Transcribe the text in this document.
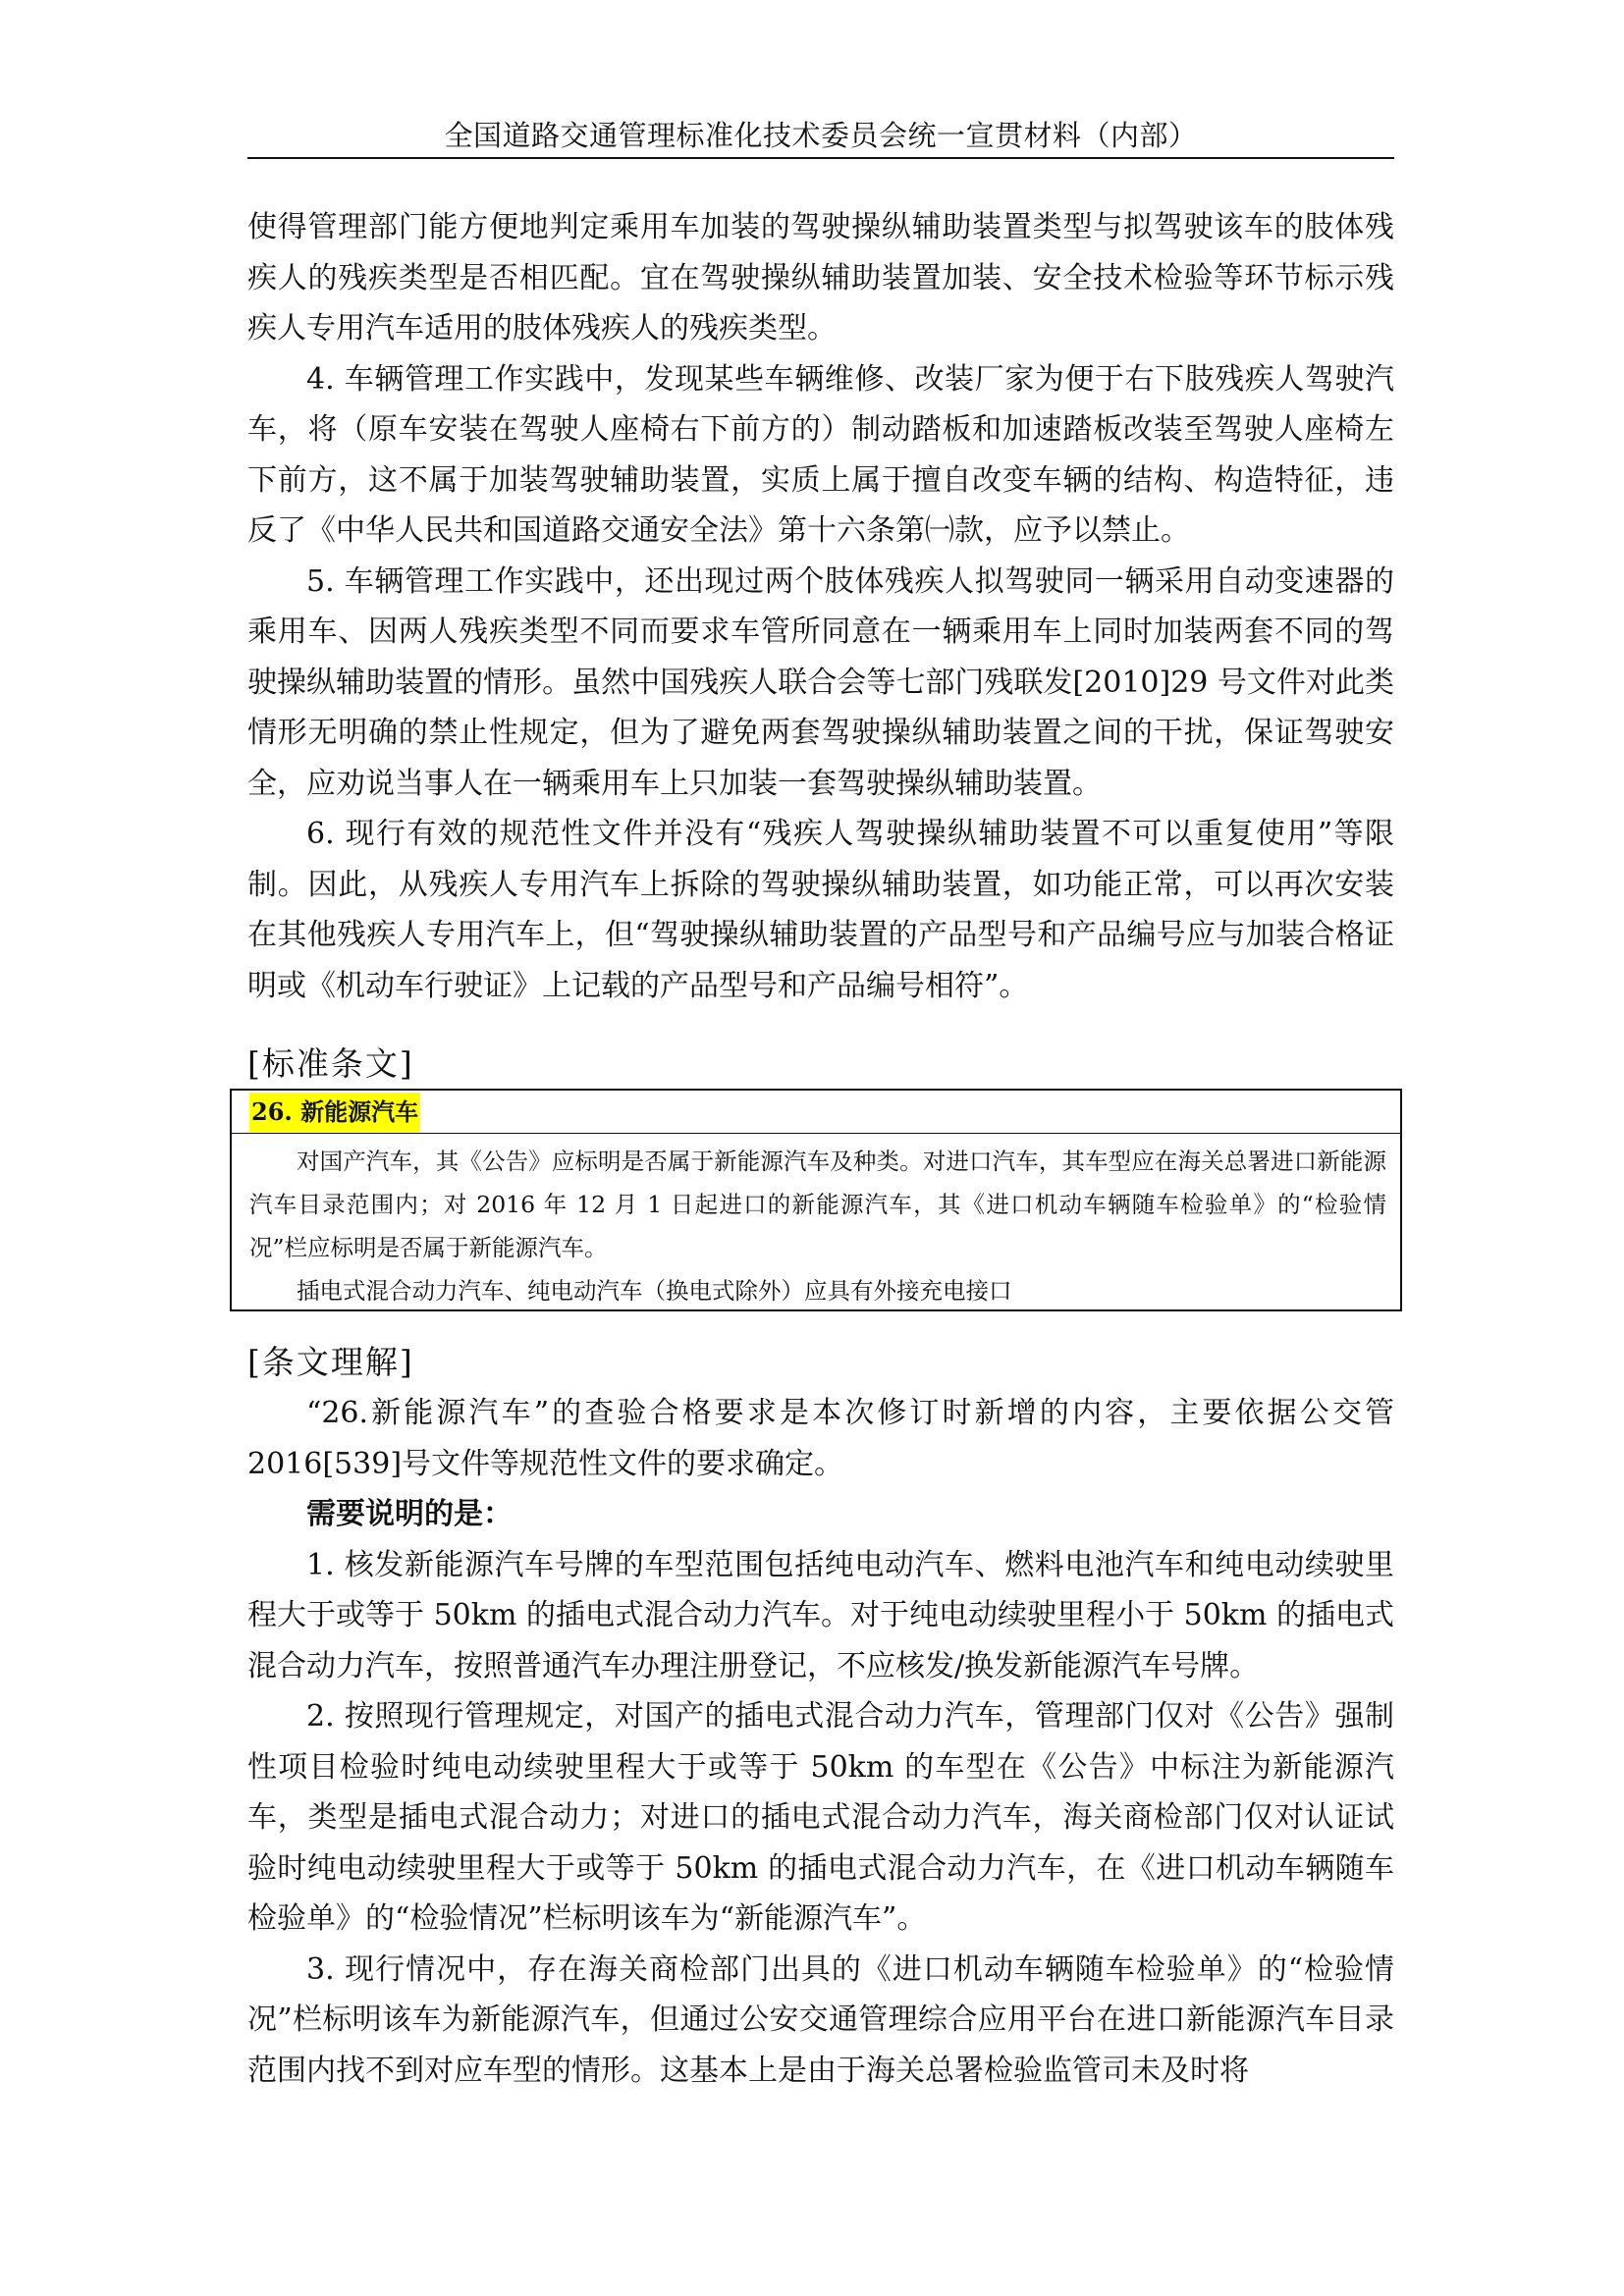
全国道路交通管理标准化技术委员会统一宣贯材料（内部）

使得管理部门能方便地判定乘用车加装的驾驶操纵辅助装置类型与拟驾驶该车的肢体残疾人的残疾类型是否相匹配。宜在驾驶操纵辅助装置加装、安全技术检验等环节标示残疾人专用汽车适用的肢体残疾人的残疾类型。

4. 车辆管理工作实践中，发现某些车辆维修、改装厂家为便于右下肢残疾人驾驶汽车，将（原车安装在驾驶人座椅右下前方的）制动踏板和加速踏板改装至驾驶人座椅左下前方，这不属于加装驾驶辅助装置，实质上属于擅自改变车辆的结构、构造特征，违反了《中华人民共和国道路交通安全法》第十六条第㈠款，应予以禁止。

5. 车辆管理工作实践中，还出现过两个肢体残疾人拟驾驶同一辆采用自动变速器的乘用车、因两人残疾类型不同而要求车管所同意在一辆乘用车上同时加装两套不同的驾驶操纵辅助装置的情形。虽然中国残疾人联合会等七部门残联发[2010]29 号文件对此类情形无明确的禁止性规定，但为了避免两套驾驶操纵辅助装置之间的干扰，保证驾驶安全，应劝说当事人在一辆乘用车上只加装一套驾驶操纵辅助装置。

6. 现行有效的规范性文件并没有“残疾人驾驶操纵辅助装置不可以重复使用”等限制。因此，从残疾人专用汽车上拆除的驾驶操纵辅助装置，如功能正常，可以再次安装在其他残疾人专用汽车上，但“驾驶操纵辅助装置的产品型号和产品编号应与加装合格证明或《机动车行驶证》上记载的产品型号和产品编号相符”。

[标准条文]
26. 新能源汽车

对国产汽车，其《公告》应标明是否属于新能源汽车及种类。对进口汽车，其车型应在海关总署进口新能源汽车目录范围内；对 2016 年 12 月 1 日起进口的新能源汽车，其《进口机动车辆随车检验单》的“检验情况”栏应标明是否属于新能源汽车。

插电式混合动力汽车、纯电动汽车（换电式除外）应具有外接充电接口

[条文理解]

“26.新能源汽车”的查验合格要求是本次修订时新增的内容，主要依据公交管2016[539]号文件等规范性文件的要求确定。

需要说明的是：

1. 核发新能源汽车号牌的车型范围包括纯电动汽车、燃料电池汽车和纯电动续驶里程大于或等于 50km 的插电式混合动力汽车。对于纯电动续驶里程小于 50km 的插电式混合动力汽车，按照普通汽车办理注册登记，不应核发/换发新能源汽车号牌。

2. 按照现行管理规定，对国产的插电式混合动力汽车，管理部门仅对《公告》强制性项目检验时纯电动续驶里程大于或等于 50km 的车型在《公告》中标注为新能源汽车，类型是插电式混合动力；对进口的插电式混合动力汽车，海关商检部门仅对认证试验时纯电动续驶里程大于或等于 50km 的插电式混合动力汽车，在《进口机动车辆随车检验单》的“检验情况”栏标明该车为“新能源汽车”。

3. 现行情况中，存在海关商检部门出具的《进口机动车辆随车检验单》的“检验情况”栏标明该车为新能源汽车，但通过公安交通管理综合应用平台在进口新能源汽车目录范围内找不到对应车型的情形。这基本上是由于海关总署检验监管司未及时将
